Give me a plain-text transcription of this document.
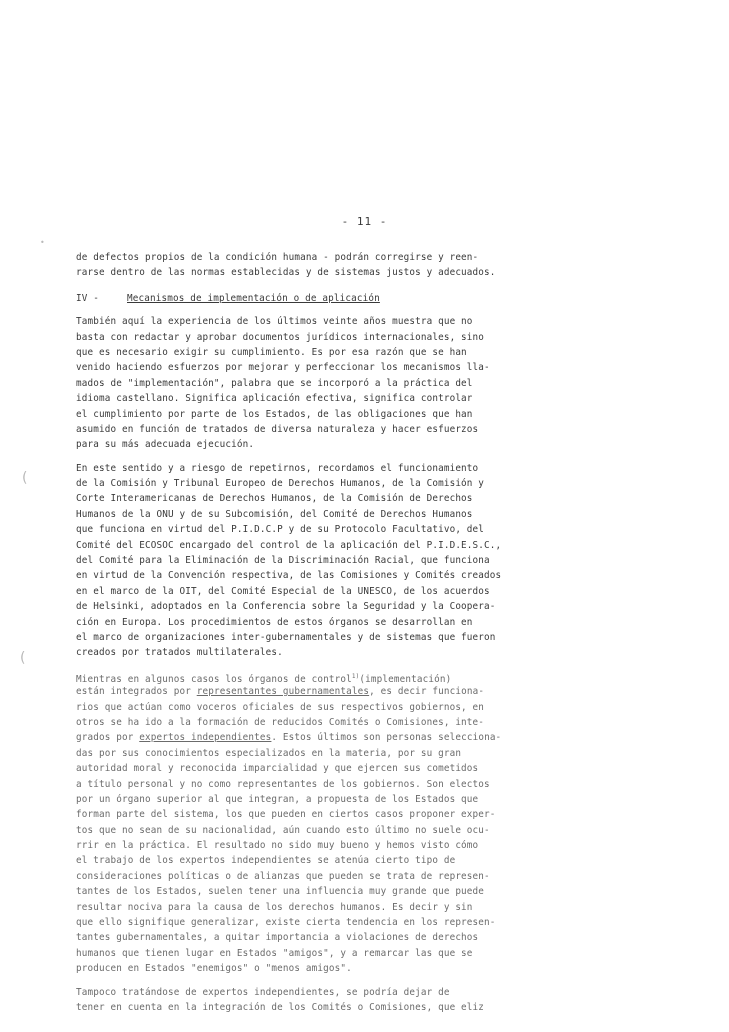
•
(
(
- 11 -
de defectos propios de la condición humana - podrán corregirse y reen-
rarse dentro de las normas establecidas y de sistemas justos y adecuados.
IV -	Mecanismos de implementación o de aplicación
También aquí la experiencia de los últimos veinte años muestra que no
basta con redactar y aprobar documentos jurídicos internacionales, sino
que es necesario exigir su cumplimiento. Es por esa razón que se han
venido haciendo esfuerzos por mejorar y perfeccionar los mecanismos lla-
mados de "implementación", palabra que se incorporó a la práctica del
idioma castellano. Significa aplicación efectiva, significa controlar
el cumplimiento por parte de los Estados, de las obligaciones que han
asumido en función de tratados de diversa naturaleza y hacer esfuerzos
para su más adecuada ejecución.
En este sentido y a riesgo de repetirnos, recordamos el funcionamiento
de la Comisión y Tribunal Europeo de Derechos Humanos, de la Comisión y
Corte Interamericanas de Derechos Humanos, de la Comisión de Derechos
Humanos de la ONU y de su Subcomisión, del Comité de Derechos Humanos
que funciona en virtud del P.I.D.C.P y de su Protocolo Facultativo, del
Comité del ECOSOC encargado del control de la aplicación del P.I.D.E.S.C.,
del Comité para la Eliminación de la Discriminación Racial, que funciona
en virtud de la Convención respectiva, de las Comisiones y Comités creados
en el marco de la OIT, del Comité Especial de la UNESCO, de los acuerdos
de Helsinki, adoptados en la Conferencia sobre la Seguridad y la Coopera-
ción en Europa. Los procedimientos de estos órganos se desarrollan en
el marco de organizaciones inter-gubernamentales y de sistemas que fueron
creados por tratados multilaterales.
Mientras en algunos casos los órganos de control$^{1)}$(implementación)
están integrados por representantes gubernamentales, es decir funciona-
rios que actúan como voceros oficiales de sus respectivos gobiernos, en
otros se ha ido a la formación de reducidos Comités o Comisiones, inte-
grados por expertos independientes. Estos últimos son personas selecciona-
das por sus conocimientos especializados en la materia, por su gran
autoridad moral y reconocida imparcialidad y que ejercen sus cometidos
a título personal y no como representantes de los gobiernos. Son electos
por un órgano superior al que integran, a propuesta de los Estados que
forman parte del sistema, los que pueden en ciertos casos proponer exper-
tos que no sean de su nacionalidad, aún cuando esto último no suele ocu-
rrir en la práctica. El resultado no sido muy bueno y hemos visto cómo
el trabajo de los expertos independientes se atenúa cierto tipo de
consideraciones políticas o de alianzas que pueden se trata de represen-
tantes de los Estados, suelen tener una influencia muy grande que puede
resultar nociva para la causa de los derechos humanos. Es decir y sin
que ello signifique generalizar, existe cierta tendencia en los represen-
tantes gubernamentales, a quitar importancia a violaciones de derechos
humanos que tienen lugar en Estados "amigos", y a remarcar las que se
producen en Estados "enemigos" o "menos amigos".
Tampoco tratándose de expertos independientes, se podría dejar de
tener en cuenta en la integración de los Comités o Comisiones, que eliz
